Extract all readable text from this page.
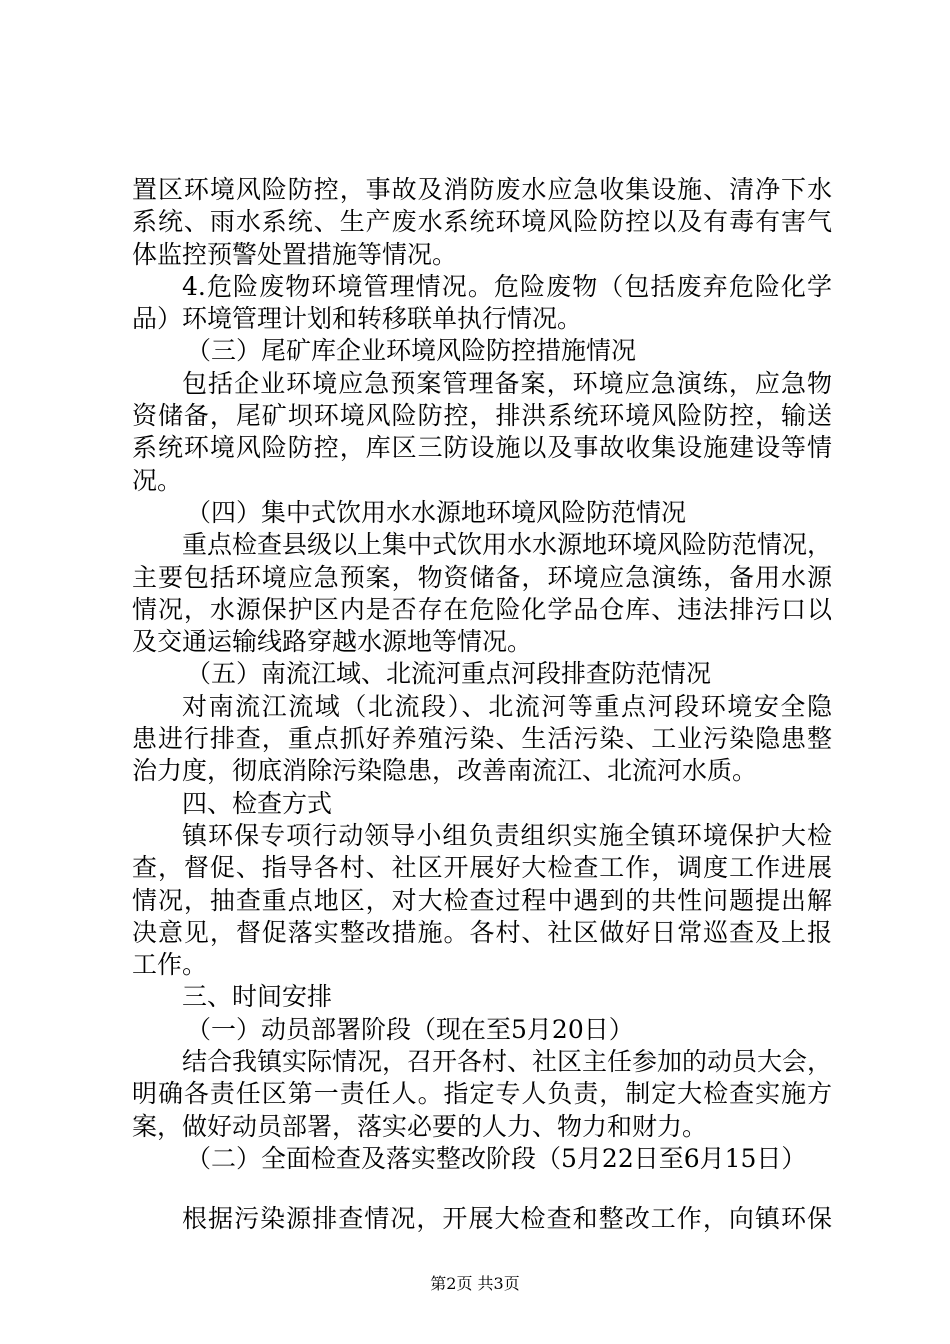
置区环境风险防控，事故及消防废水应急收集设施、清净下水
系统、雨水系统、生产废水系统环境风险防控以及有毒有害气
体监控预警处置措施等情况。
4.危险废物环境管理情况。危险废物（包括废弃危险化学
品）环境管理计划和转移联单执行情况。
（三）尾矿库企业环境风险防控措施情况
包括企业环境应急预案管理备案，环境应急演练，应急物
资储备，尾矿坝环境风险防控，排洪系统环境风险防控，输送
系统环境风险防控，库区三防设施以及事故收集设施建设等情
况。
（四）集中式饮用水水源地环境风险防范情况
重点检查县级以上集中式饮用水水源地环境风险防范情况，
主要包括环境应急预案，物资储备，环境应急演练，备用水源
情况，水源保护区内是否存在危险化学品仓库、违法排污口以
及交通运输线路穿越水源地等情况。
（五）南流江域、北流河重点河段排查防范情况
对南流江流域（北流段）、北流河等重点河段环境安全隐
患进行排查，重点抓好养殖污染、生活污染、工业污染隐患整
治力度，彻底消除污染隐患，改善南流江、北流河水质。
四、检查方式
镇环保专项行动领导小组负责组织实施全镇环境保护大检
查，督促、指导各村、社区开展好大检查工作，调度工作进展
情况，抽查重点地区，对大检查过程中遇到的共性问题提出解
决意见，督促落实整改措施。各村、社区做好日常巡查及上报
工作。
三、时间安排
（一）动员部署阶段（现在至5月20日）
结合我镇实际情况，召开各村、社区主任参加的动员大会，
明确各责任区第一责任人。指定专人负责，制定大检查实施方
案，做好动员部署，落实必要的人力、物力和财力。
（二）全面检查及落实整改阶段（5月22日至6月15日）
根据污染源排查情况，开展大检查和整改工作，向镇环保
第2页 共3页
